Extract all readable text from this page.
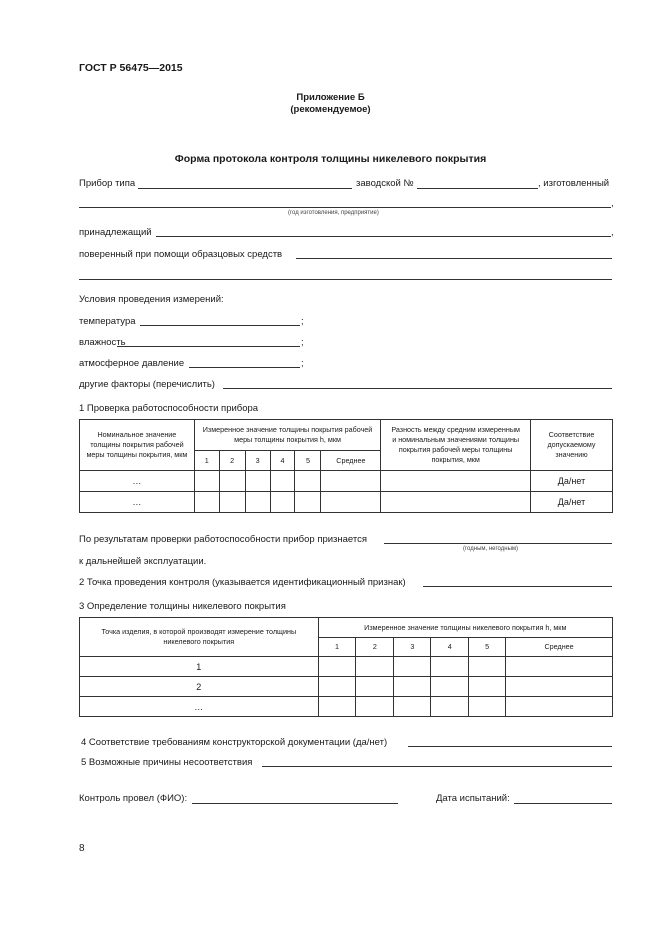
ГОСТ Р 56475—2015
Приложение Б
(рекомендуемое)
Форма протокола контроля толщины никелевого покрытия
Прибор типа	заводской №	, изготовленный
,
(год изготовления, предприятие)
принадлежащий	,
поверенный при помощи образцовых средств
Условия проведения измерений:
температура	;
влажность	;
атмосферное давление	;
другие факторы (перечислить)
1 Проверка работоспособности прибора
Номинальное значение толщины покрытия рабочей меры толщины покрытия, мкм	Измеренное значение толщины покрытия рабочей меры толщины покрытия h, мкм						Разность между средним измеренным и номинальным значениями толщины покрытия рабочей меры толщины покрытия, мкм	Соответствие допускаемому значению
	1	2	3	4	5	Среднее		
…								Да/нет
…								Да/нет
По результатам проверки работоспособности прибор признается
(годным, негодным)
к дальнейшей эксплуатации.
2 Точка проведения контроля (указывается идентификационный признак)
3 Определение толщины никелевого покрытия
Точка изделия, в которой производят измерение толщины никелевого покрытия	Измеренное значение толщины никелевого покрытия h, мкм					
	1	2	3	4	5	Среднее
1						
2						
…						
4 Соответствие требованиям конструкторской документации (да/нет)
5 Возможные причины несоответствия
Контроль провел (ФИО):	Дата испытаний:
8
